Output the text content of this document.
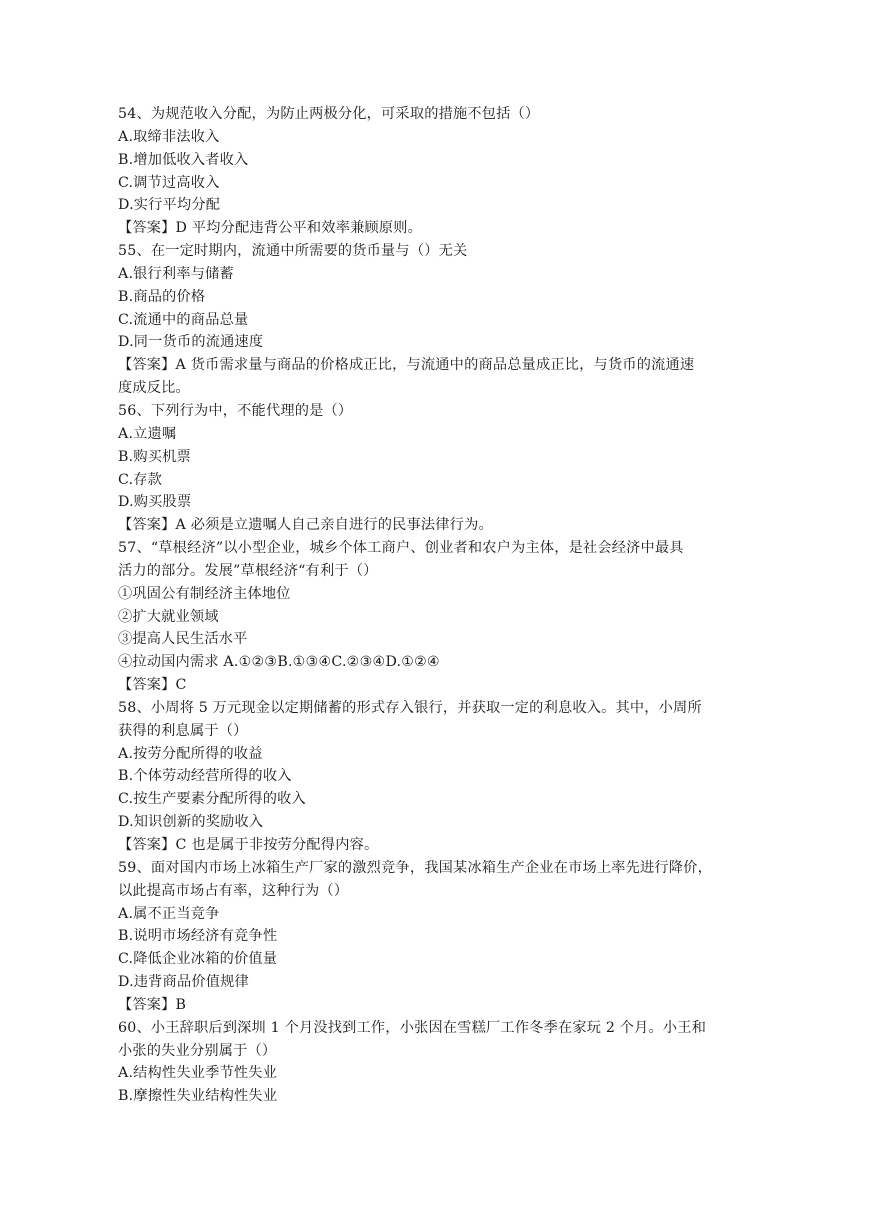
54、为规范收入分配，为防止两极分化，可采取的措施不包括（）
A.取缔非法收入
B.增加低收入者收入
C.调节过高收入
D.实行平均分配
【答案】D 平均分配违背公平和效率兼顾原则。
55、在一定时期内，流通中所需要的货币量与（）无关
A.银行利率与储蓄
B.商品的价格
C.流通中的商品总量
D.同一货币的流通速度
【答案】A 货币需求量与商品的价格成正比，与流通中的商品总量成正比，与货币的流通速
度成反比。
56、下列行为中，不能代理的是（）
A.立遗嘱
B.购买机票
C.存款
D.购买股票
【答案】A 必须是立遗嘱人自己亲自进行的民事法律行为。
57、“草根经济”以小型企业，城乡个体工商户、创业者和农户为主体，是社会经济中最具
活力的部分。发展”草根经济“有利于（）
①巩固公有制经济主体地位
②扩大就业领域
③提高人民生活水平
④拉动国内需求 A.①②③B.①③④C.②③④D.①②④
【答案】C
58、小周将 5 万元现金以定期储蓄的形式存入银行，并获取一定的利息收入。其中，小周所
获得的利息属于（）
A.按劳分配所得的收益
B.个体劳动经营所得的收入
C.按生产要素分配所得的收入
D.知识创新的奖励收入
【答案】C 也是属于非按劳分配得内容。
59、面对国内市场上冰箱生产厂家的激烈竞争，我国某冰箱生产企业在市场上率先进行降价，
以此提高市场占有率，这种行为（）
A.属不正当竞争
B.说明市场经济有竞争性
C.降低企业冰箱的价值量
D.违背商品价值规律
【答案】B
60、小王辞职后到深圳 1 个月没找到工作，小张因在雪糕厂工作冬季在家玩 2 个月。小王和
小张的失业分别属于（）
A.结构性失业季节性失业
B.摩擦性失业结构性失业
